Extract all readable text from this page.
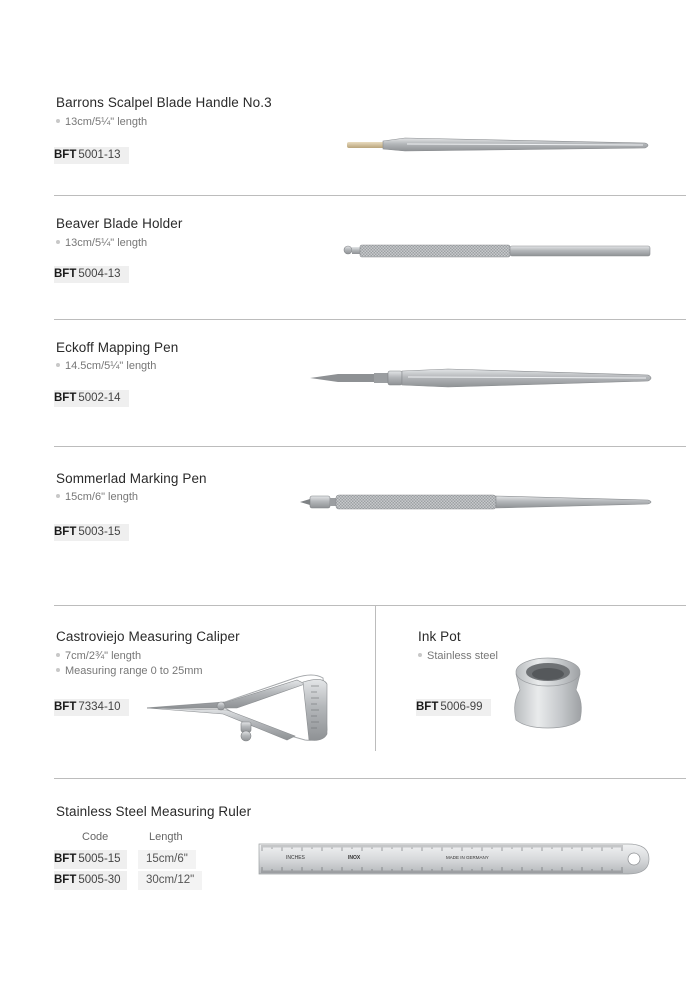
Barrons Scalpel Blade Handle No.3
13cm/5¼" length
BFT 5001-13
Beaver Blade Holder
13cm/5¼" length
BFT 5004-13
Eckoff Mapping Pen
14.5cm/5¼" length
BFT 5002-14
Sommerlad Marking Pen
15cm/6" length
BFT 5003-15
Castroviejo Measuring Caliper
7cm/2¾" length
Measuring range 0 to 25mm
BFT 7334-10
Ink Pot
Stainless steel
BFT 5006-99
Stainless Steel Measuring Ruler
Code	Length
BFT 5005-15	15cm/6"
BFT 5005-30	30cm/12"
INCHES	INOX	MADE IN GERMANY
